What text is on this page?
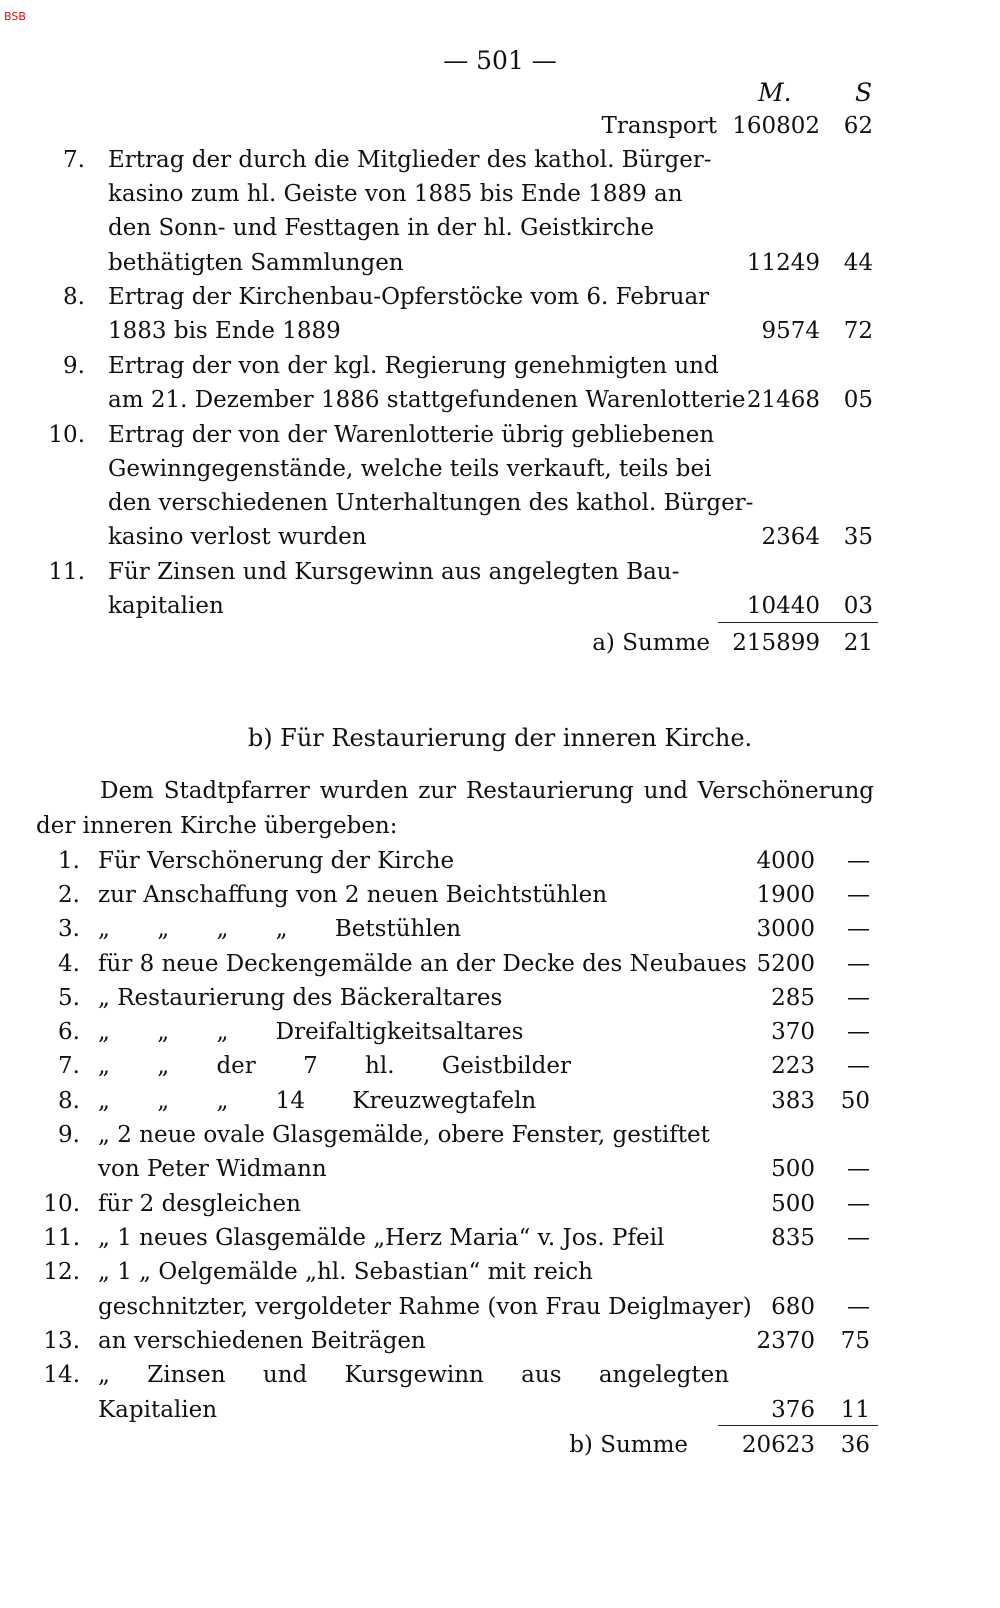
BSB
— 501 —
M.	S
Transport 160802 62
7. Ertrag der durch die Mitglieder des kathol. Bürger-
kasino zum hl. Geiste von 1885 bis Ende 1889 an
den Sonn- und Festtagen in der hl. Geistkirche
bethätigten Sammlungen	11249 44
8. Ertrag der Kirchenbau-Opferstöcke vom 6. Februar
1883 bis Ende 1889	9574 72
9. Ertrag der von der kgl. Regierung genehmigten und
am 21. Dezember 1886 stattgefundenen Warenlotterie 21468 05
10. Ertrag der von der Warenlotterie übrig gebliebenen
Gewinngegenstände, welche teils verkauft, teils bei
den verschiedenen Unterhaltungen des kathol. Bürger-
kasino verlost wurden	2364 35
11. Für Zinsen und Kursgewinn aus angelegten Bau-
kapitalien	10440 03
a) Summe 215899 21
b) Für Restaurierung der inneren Kirche.
Dem Stadtpfarrer wurden zur Restaurierung und Verschönerung der inneren Kirche übergeben:
1. Für Verschönerung der Kirche	4000 —
2. zur Anschaffung von 2 neuen Beichtstühlen	1900 —
3. „ „ „ „ Betstühlen	3000 —
4. für 8 neue Deckengemälde an der Decke des Neubaues 5200 —
5. „ Restaurierung des Bäckeraltares	285 —
6. „ „ „ Dreifaltigkeitsaltares	370 —
7. „ „ der 7 hl. Geistbilder	223 —
8. „ „ „ 14 Kreuzwegtafeln	383 50
9. „ 2 neue ovale Glasgemälde, obere Fenster, gestiftet
von Peter Widmann	500 —
10. für 2 desgleichen	500 —
11. „ 1 neues Glasgemälde „Herz Maria“ v. Jos. Pfeil	835 —
12. „ 1 „ Oelgemälde „hl. Sebastian“ mit reich
geschnitzter, vergoldeter Rahme (von Frau Deiglmayer) 680 —
13. an verschiedenen Beiträgen	2370 75
14. „ Zinsen und Kursgewinn aus angelegten
Kapitalien	376 11
b) Summe 20623 36
